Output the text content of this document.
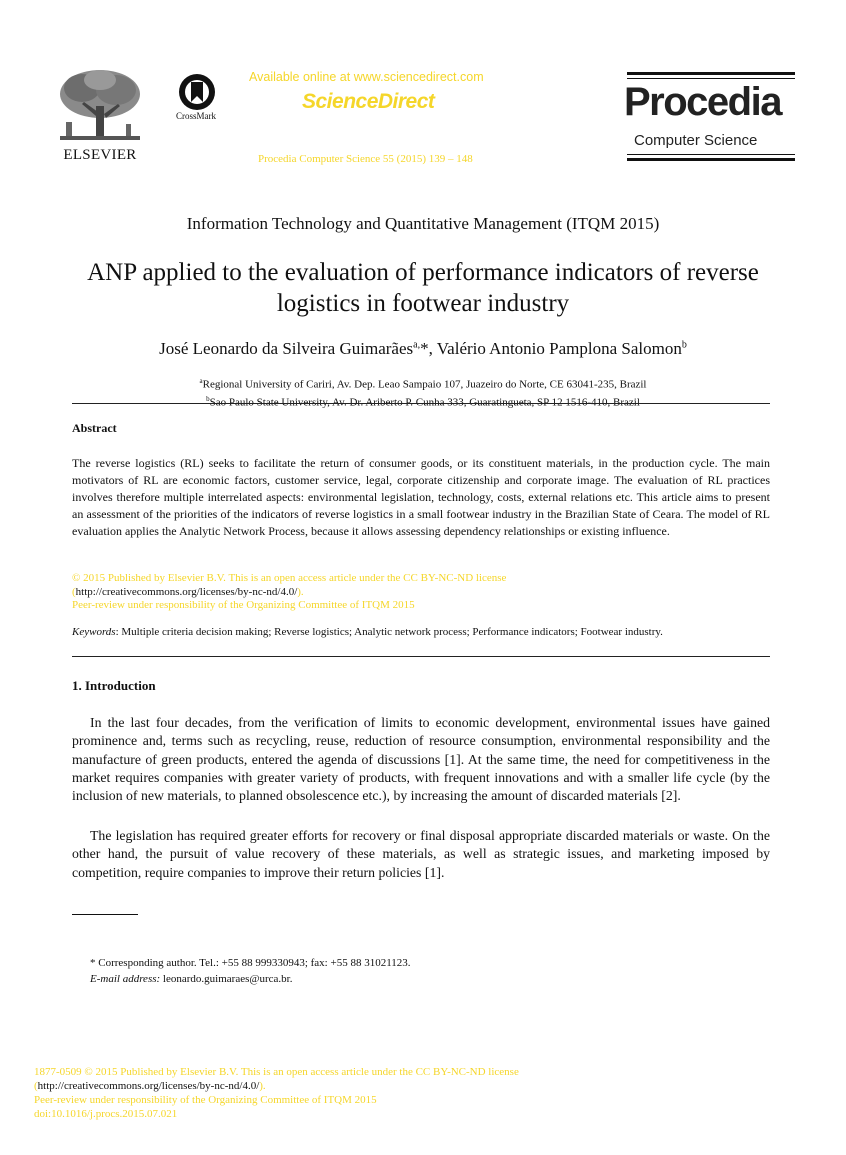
ELSEVIER
CrossMark
Available online at www.sciencedirect.com
ScienceDirect
Procedia Computer Science 55 (2015) 139 – 148
Procedia
Computer Science
Information Technology and Quantitative Management (ITQM 2015)
ANP applied to the evaluation of performance indicators of reverse logistics in footwear industry
José Leonardo da Silveira Guimarães$^{a,}$*, Valério Antonio Pamplona Salomon$^b$
$^a$Regional University of Cariri, Av. Dep. Leao Sampaio 107, Juazeiro do Norte, CE 63041-235, Brazil
$^b$
Abstract
The reverse logistics (RL) seeks to facilitate the return of consumer goods, or its constituent materials, in the production cycle. The main motivators of RL are economic factors, customer service, legal, corporate citizenship and corporate image. The evaluation of RL practices involves therefore multiple interrelated aspects: environmental legislation, technology, costs, external relations etc. This article aims to present an assessment of the priorities of the indicators of reverse logistics in a small footwear industry in the Brazilian State of Ceara. The model of RL evaluation applies the Analytic Network Process, because it allows assessing dependency relationships or existing influence.
© 2015 Published by Elsevier B.V. This is an open access article under the CC BY-NC-ND license
(http://creativecommons.org/licenses/by-nc-nd/4.0/).
Peer-review under responsibility of the Organizing Committee of ITQM 2015
Keywords: Multiple criteria decision making; Reverse logistics; Analytic network process; Performance indicators; Footwear industry.
1. Introduction
In the last four decades, from the verification of limits to economic development, environmental issues have gained prominence and, terms such as recycling, reuse, reduction of resource consumption, environmental responsibility and the manufacture of green products, entered the agenda of discussions [1]. At the same time, the need for competitiveness in the market requires companies with greater variety of products, with frequent innovations and with a smaller life cycle (by the inclusion of new materials, to planned obsolescence etc.), by increasing the amount of discarded materials [2].
The legislation has required greater efforts for recovery or final disposal appropriate discarded materials or waste. On the other hand, the pursuit of value recovery of these materials, as well as strategic issues, and marketing imposed by competition, require companies to improve their return policies [1].
* Corresponding author. Tel.: +55 88 999330943; fax: +55 88 31021123.
E-mail address: leonardo.guimaraes@urca.br.
1877-0509 © 2015 Published by Elsevier B.V. This is an open access article under the CC BY-NC-ND license
(http://creativecommons.org/licenses/by-nc-nd/4.0/).
Peer-review under responsibility of the Organizing Committee of ITQM 2015
doi:10.1016/j.procs.2015.07.021
